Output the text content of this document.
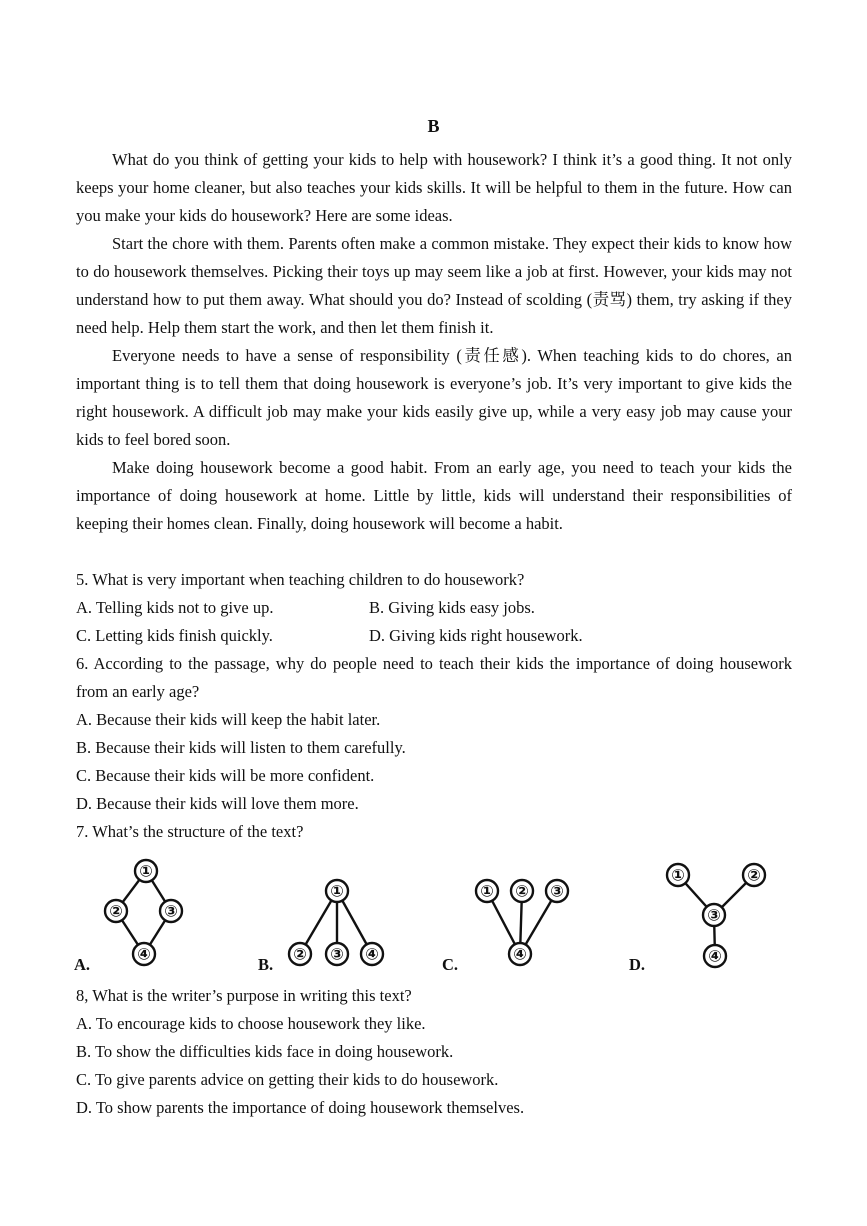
B

What do you think of getting your kids to help with housework? I think it’s a good thing. It not only keeps your home cleaner, but also teaches your kids skills. It will be helpful to them in the future. How can you make your kids do housework? Here are some ideas.

Start the chore with them. Parents often make a common mistake. They expect their kids to know how to do housework themselves. Picking their toys up may seem like a job at first. However, your kids may not understand how to put them away. What should you do? Instead of scolding (责骂) them, try asking if they need help. Help them start the work, and then let them finish it.

Everyone needs to have a sense of responsibility (责任感). When teaching kids to do chores, an important thing is to tell them that doing housework is everyone’s job. It’s very important to give kids the right housework. A difficult job may make your kids easily give up, while a very easy job may cause your kids to feel bored soon.

Make doing housework become a good habit. From an early age, you need to teach your kids the importance of doing housework at home. Little by little, kids will understand their responsibilities of keeping their homes clean. Finally, doing housework will become a habit.

5. What is very important when teaching children to do housework?
A. Telling kids not to give up.	B. Giving kids easy jobs.
C. Letting kids finish quickly.	D. Giving kids right housework.
6. According to the passage, why do people need to teach their kids the importance of doing housework from an early age?
A. Because their kids will keep the habit later.
B. Because their kids will listen to them carefully.
C. Because their kids will be more confident.
D. Because their kids will love them more.
7. What’s the structure of the text?
A.
①
②	③
④
B.
①
② ③ ④
C.
① ② ③
④
D.
①	②
③
④
8, What is the writer’s purpose in writing this text?
A. To encourage kids to choose housework they like.
B. To show the difficulties kids face in doing housework.
C. To give parents advice on getting their kids to do housework.
D. To show parents the importance of doing housework themselves.
